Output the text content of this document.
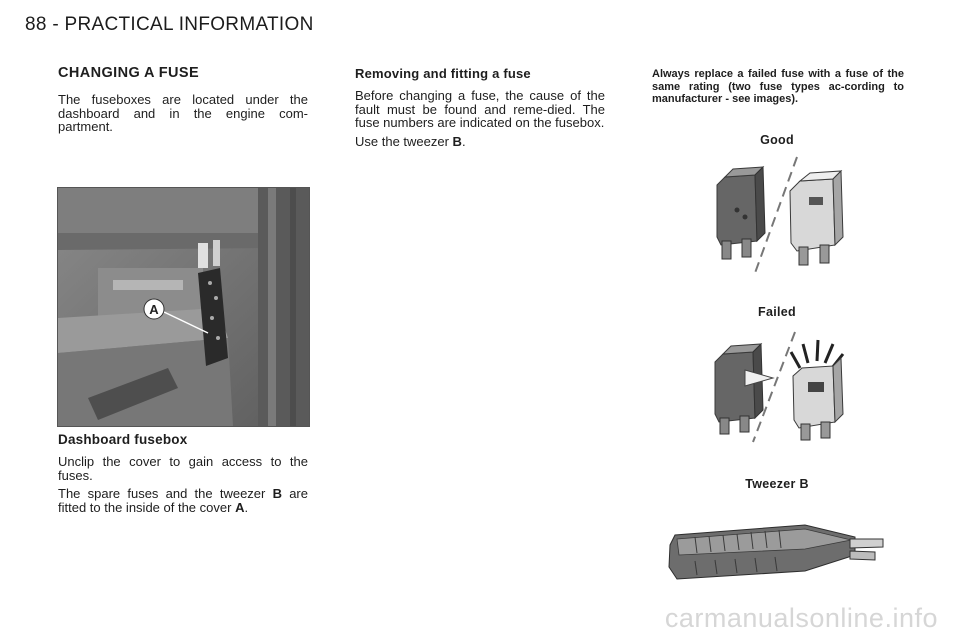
88 - PRACTICAL INFORMATION
CHANGING A FUSE

The fuseboxes are located under the dashboard and in the engine com-partment.

A
Dashboard fusebox

Unclip the cover to gain access to the fuses.

The spare fuses and the tweezer B are fitted to the inside of the cover A.

Removing and fitting a fuse

Before changing a fuse, the cause of the fault must be found and reme-died. The fuse numbers are indicated on the fusebox.

Use the tweezer B.

Always replace a failed fuse with a fuse of the same rating (two fuse types ac-cording to manufacturer - see images).
Good
Failed
Tweezer B
carmanualsonline.info
